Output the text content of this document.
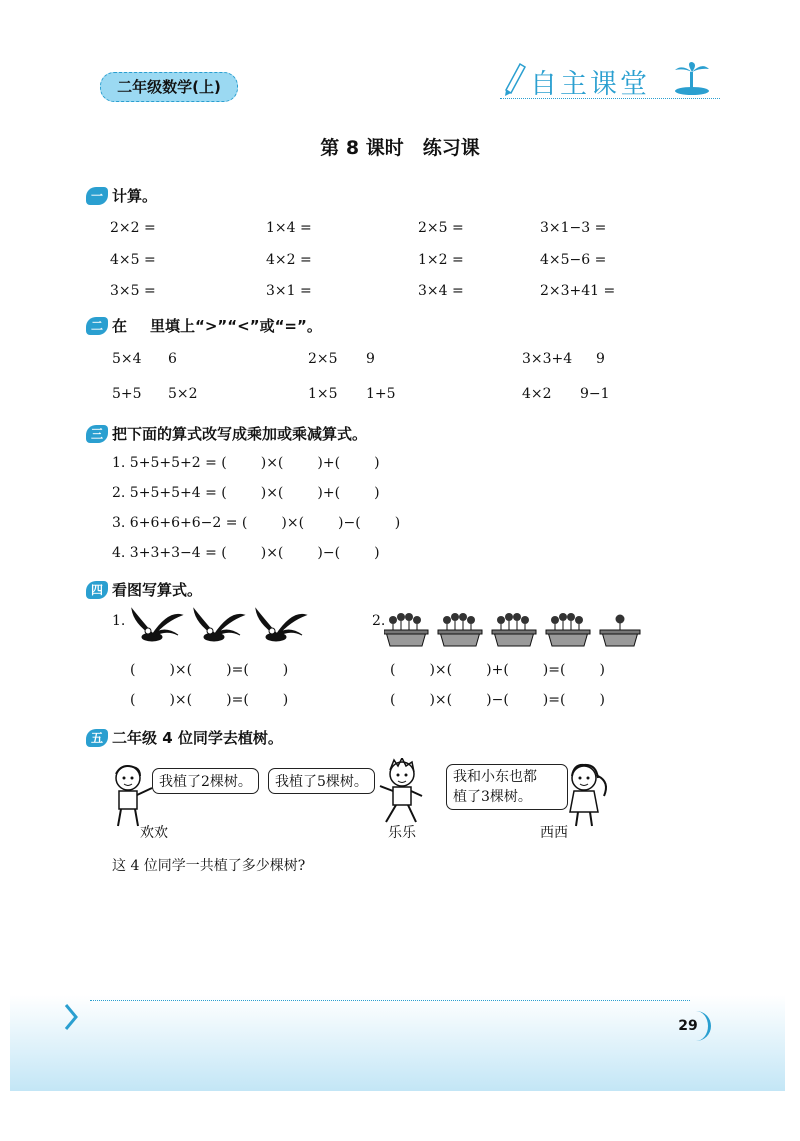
二年级数学(上)	自主课堂
第 8 课时　练习课
一 计算。
2×2 =	1×4 =	2×5 =	3×1−3 =
4×5 =	4×2 =	1×2 =	4×5−6 =
3×5 =	3×1 =	3×4 =	2×3+41 =
二 在 里填上“>”“<”或“=”。
5×4 6	2×5 9	3×3+4 9
5+5 5×2	1×5 1+5	4×2 9−1
三 把下面的算式改写成乘加或乘减算式。
1. 5+5+5+2 = ( )×( )+( )
2. 5+5+5+4 = ( )×( )+( )
3. 6+6+6+6−2 = ( )×( )−( )
4. 3+3+3−4 = ( )×( )−( )
四 看图写算式。
1.	2.
( )×( )=( )
( )×( )=( )
( )×( )+( )=( )
( )×( )−( )=( )
五 二年级 4 位同学去植树。
我植了2棵树。	我植了5棵树。	我和小东也都
植了3棵树。
欢欢	乐乐	西西
这 4 位同学一共植了多少棵树?
29
